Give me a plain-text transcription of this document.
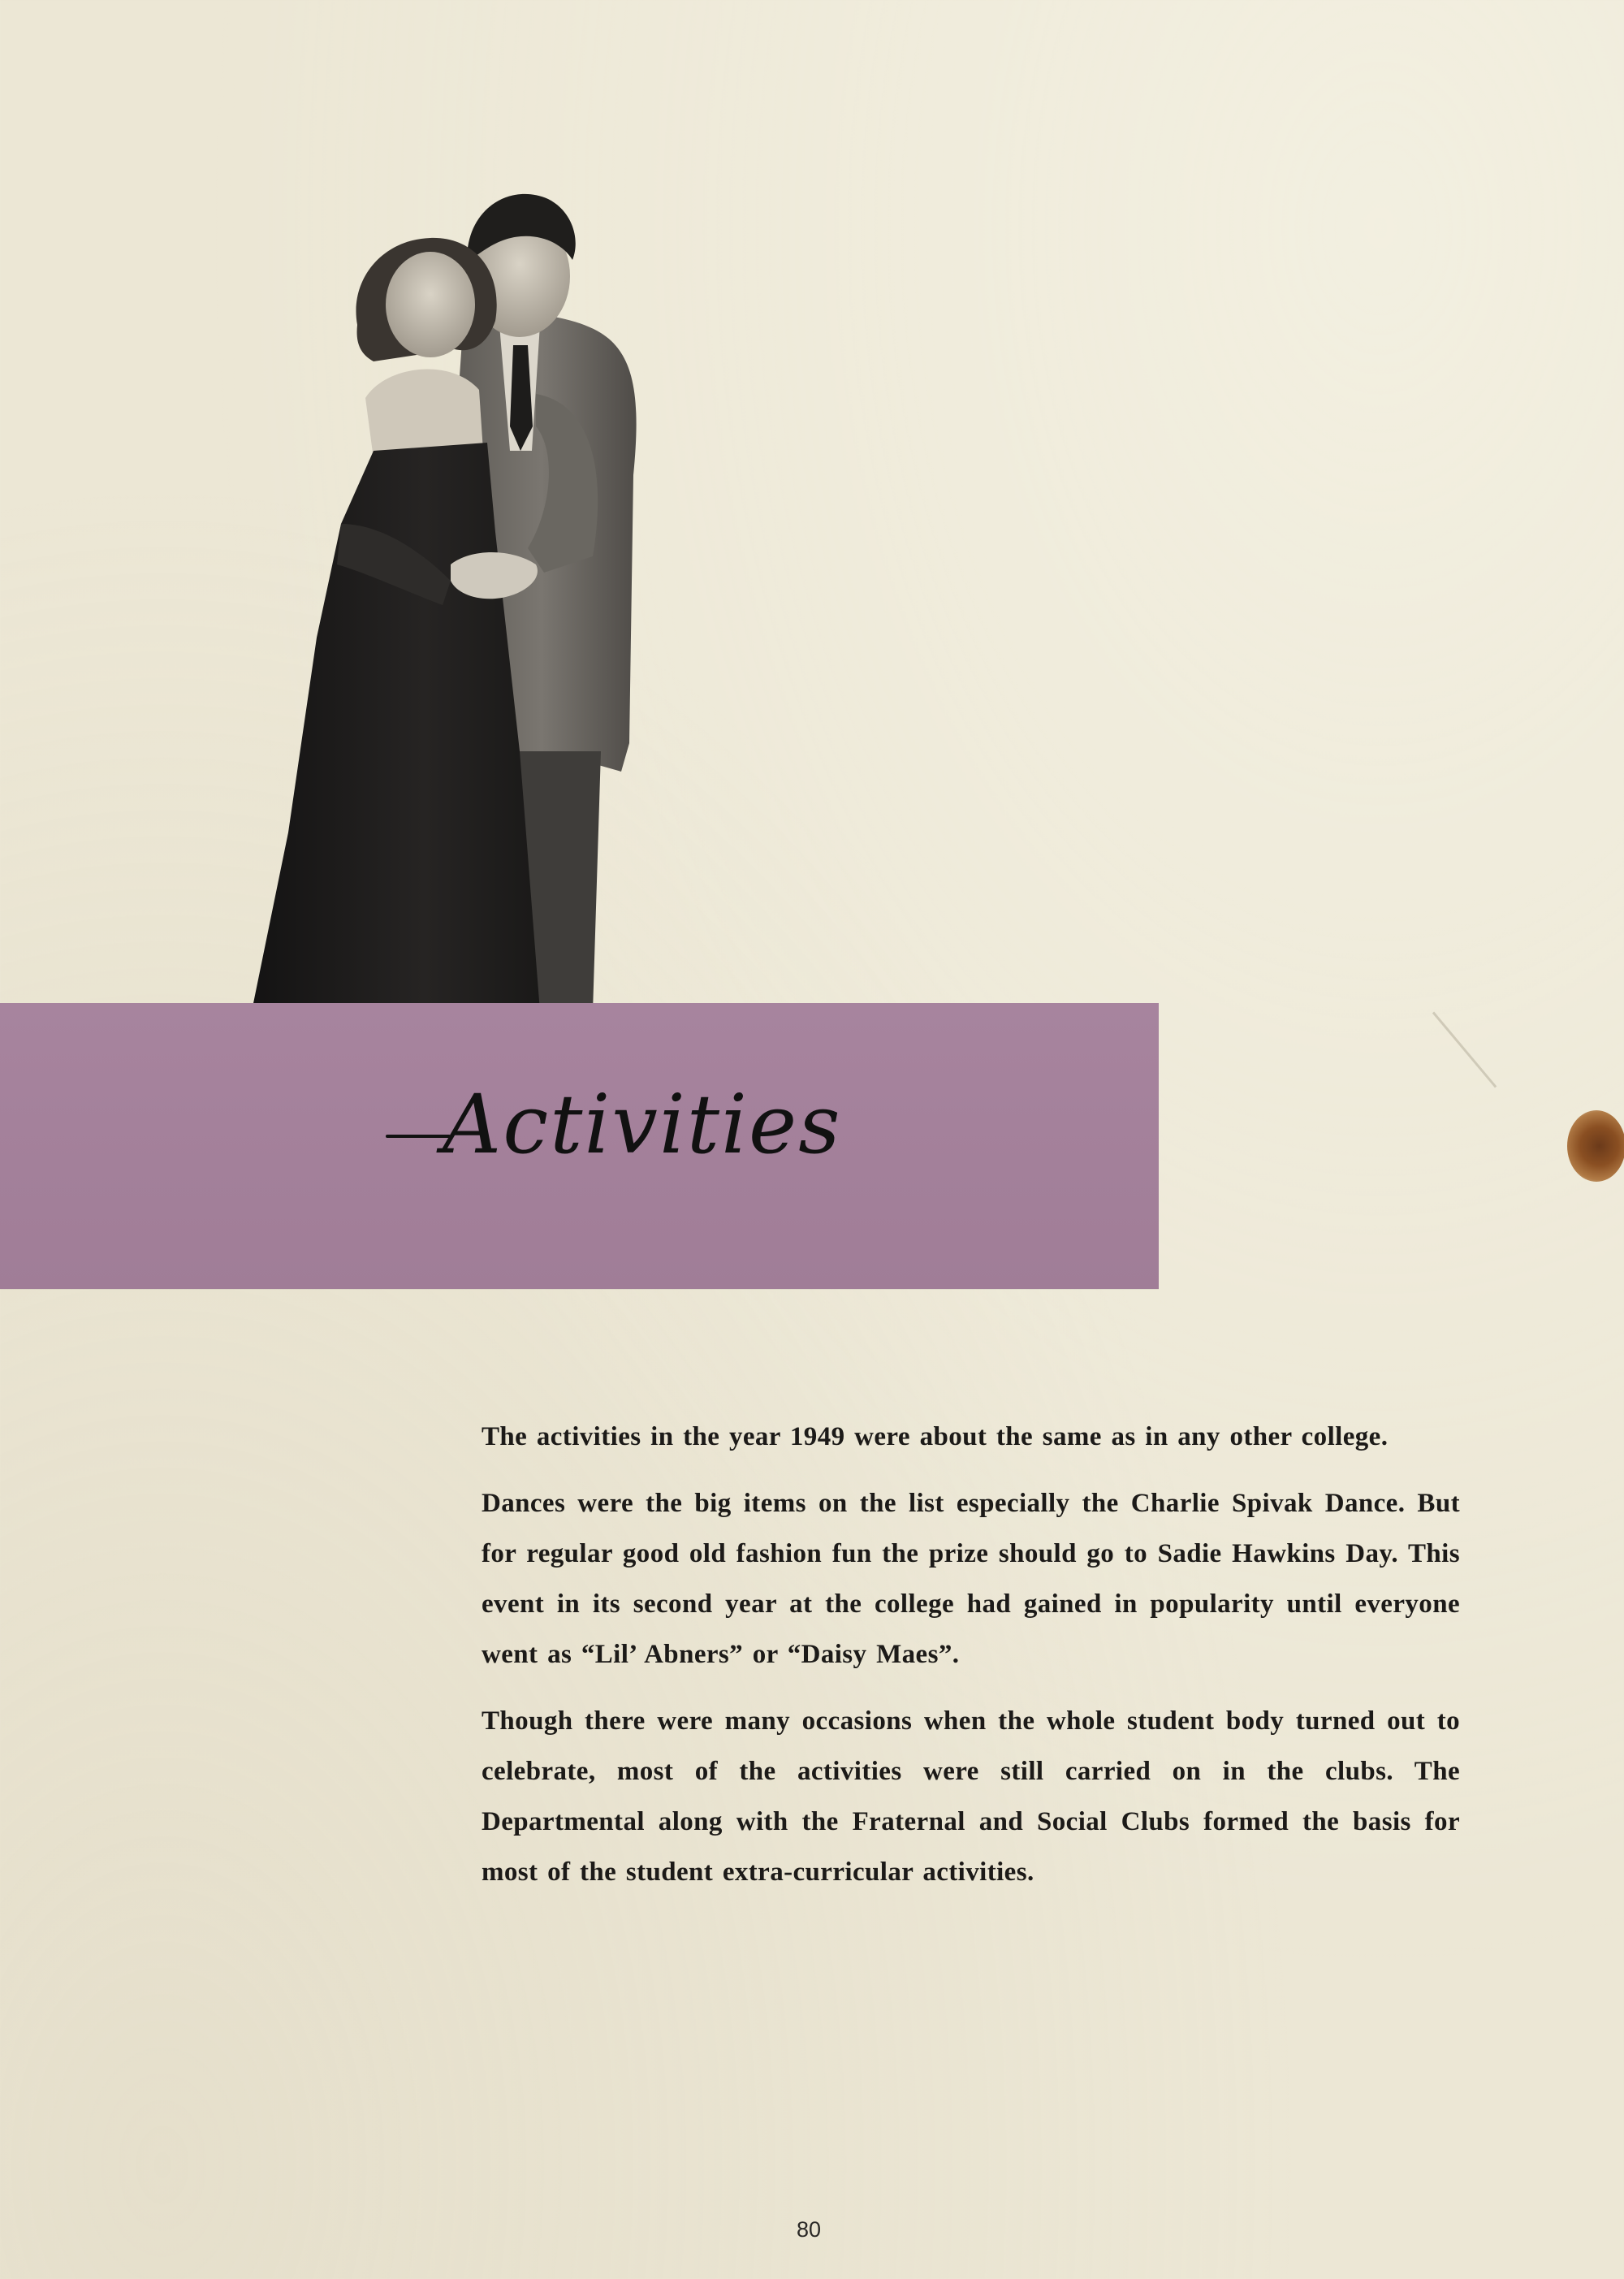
Activities

The activities in the year 1949 were about the same as in any other college.

Dances were the big items on the list especially the Charlie Spivak Dance. But for regular good old fashion fun the prize should go to Sadie Hawkins Day. This event in its second year at the college had gained in popularity until everyone went as “Lil’ Abners” or “Daisy Maes”.

Though there were many occasions when the whole student body turned out to celebrate, most of the activities were still carried on in the clubs. The Departmental along with the Fraternal and Social Clubs formed the basis for most of the student extra-curricular activities.

80
